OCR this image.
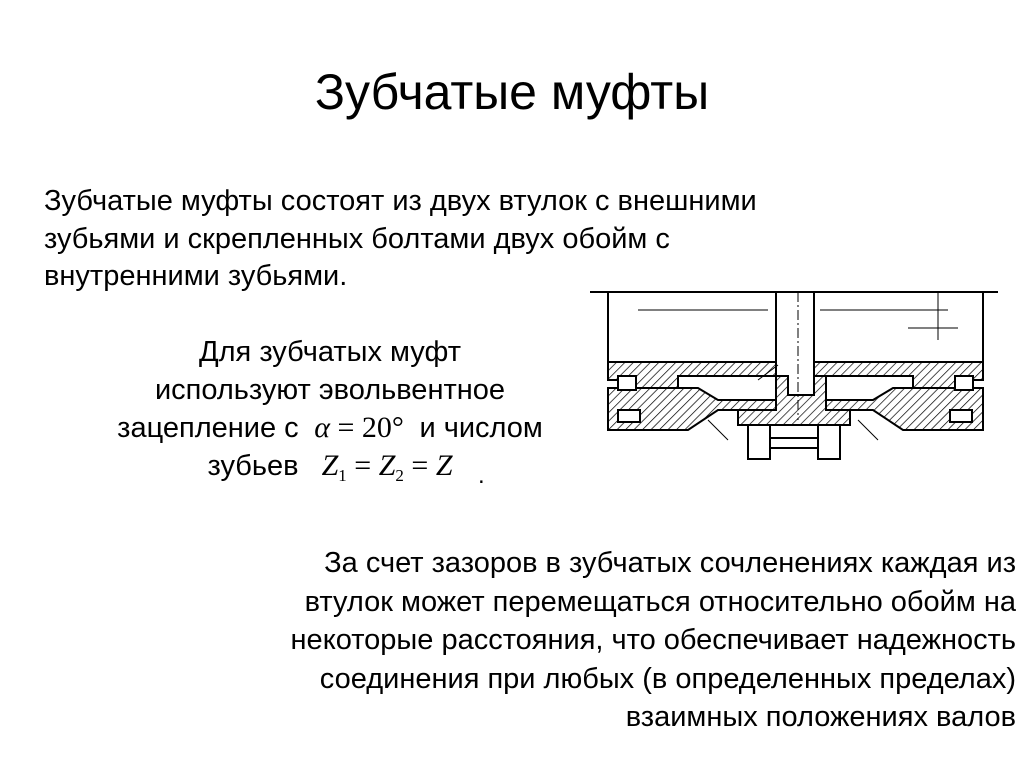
Зубчатые муфты
Зубчатые муфты состоят из двух втулок с внешними
зубьями и скрепленных болтами двух обойм с
внутренними зубьями.
Для зубчатых муфт
используют эвольвентное
зацепление с α = 20° и числом
зубьев $Z_1 = Z_2 = Z$	.
За счет зазоров в зубчатых сочленениях каждая из
втулок может перемещаться относительно обойм на
некоторые расстояния, что обеспечивает надежность
соединения при любых (в определенных пределах)
взаимных положениях валов
